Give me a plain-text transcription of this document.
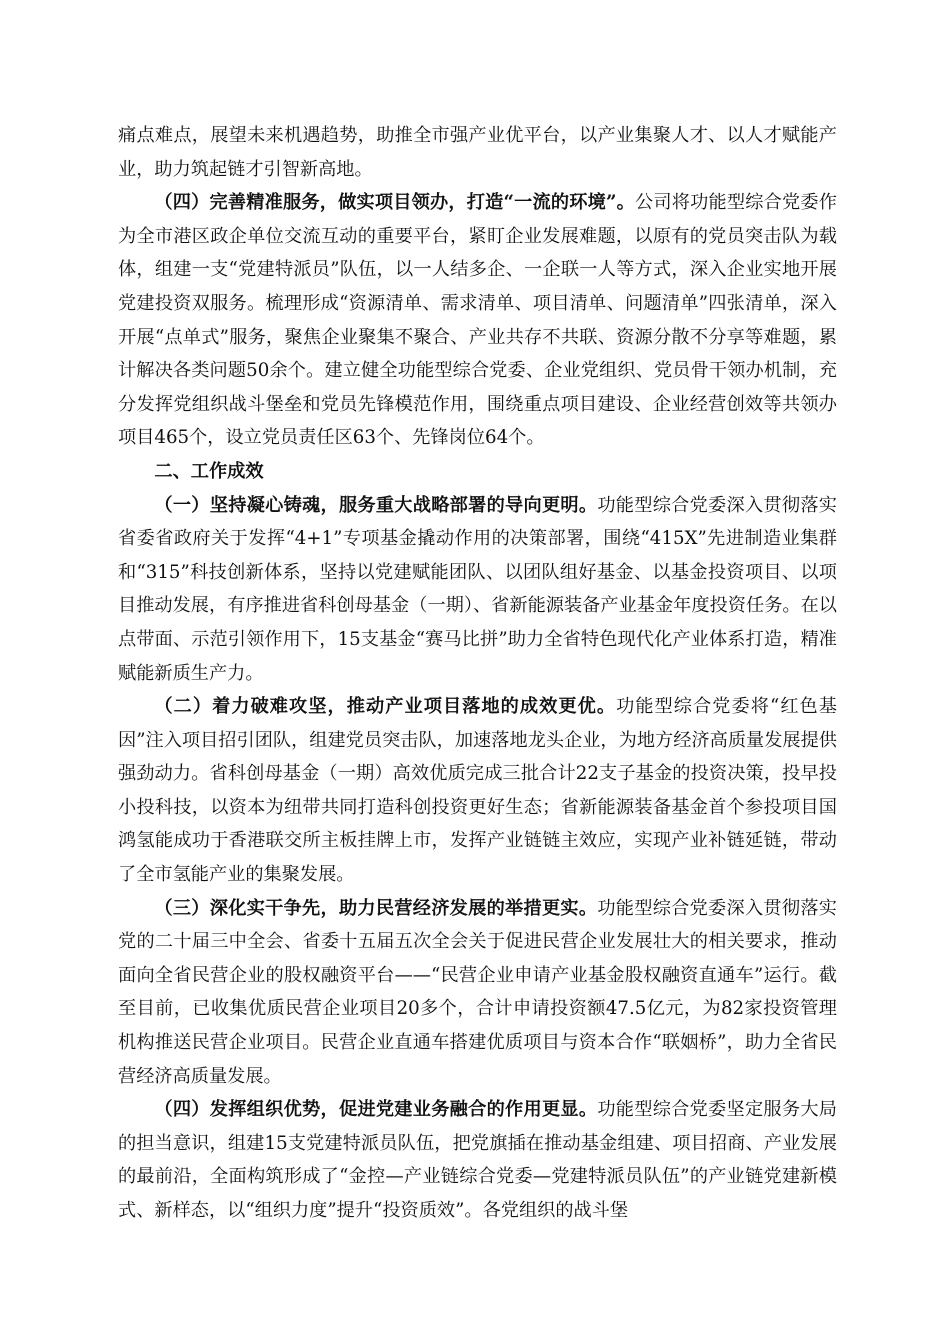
痛点难点，展望未来机遇趋势，助推全市强产业优平台，以产业集聚人才、以人才赋能产业，助力筑起链才引智新高地。

（四）完善精准服务，做实项目领办，打造“一流的环境”。公司将功能型综合党委作为全市港区政企单位交流互动的重要平台，紧盯企业发展难题，以原有的党员突击队为载体，组建一支“党建特派员”队伍，以一人结多企、一企联一人等方式，深入企业实地开展党建投资双服务。梳理形成“资源清单、需求清单、项目清单、问题清单”四张清单，深入开展“点单式”服务，聚焦企业聚集不聚合、产业共存不共联、资源分散不分享等难题，累计解决各类问题50余个。建立健全功能型综合党委、企业党组织、党员骨干领办机制，充分发挥党组织战斗堡垒和党员先锋模范作用，围绕重点项目建设、企业经营创效等共领办项目465个，设立党员责任区63个、先锋岗位64个。

二、工作成效

（一）坚持凝心铸魂，服务重大战略部署的导向更明。功能型综合党委深入贯彻落实省委省政府关于发挥“4+1”专项基金撬动作用的决策部署，围绕“415X”先进制造业集群和“315”科技创新体系，坚持以党建赋能团队、以团队组好基金、以基金投资项目、以项目推动发展，有序推进省科创母基金（一期）、省新能源装备产业基金年度投资任务。在以点带面、示范引领作用下，15支基金“赛马比拼”助力全省特色现代化产业体系打造，精准赋能新质生产力。

（二）着力破难攻坚，推动产业项目落地的成效更优。功能型综合党委将“红色基因”注入项目招引团队，组建党员突击队，加速落地龙头企业，为地方经济高质量发展提供强劲动力。省科创母基金（一期）高效优质完成三批合计22支子基金的投资决策，投早投小投科技，以资本为纽带共同打造科创投资更好生态；省新能源装备基金首个参投项目国鸿氢能成功于香港联交所主板挂牌上市，发挥产业链链主效应，实现产业补链延链，带动了全市氢能产业的集聚发展。

（三）深化实干争先，助力民营经济发展的举措更实。功能型综合党委深入贯彻落实党的二十届三中全会、省委十五届五次全会关于促进民营企业发展壮大的相关要求，推动面向全省民营企业的股权融资平台——“民营企业申请产业基金股权融资直通车”运行。截至目前，已收集优质民营企业项目20多个，合计申请投资额47.5亿元，为82家投资管理机构推送民营企业项目。民营企业直通车搭建优质项目与资本合作“联姻桥”，助力全省民营经济高质量发展。

（四）发挥组织优势，促进党建业务融合的作用更显。功能型综合党委坚定服务大局的担当意识，组建15支党建特派员队伍，把党旗插在推动基金组建、项目招商、产业发展的最前沿，全面构筑形成了“金控—产业链综合党委—党建特派员队伍”的产业链党建新模式、新样态，以“组织力度”提升“投资质效”。各党组织的战斗堡
